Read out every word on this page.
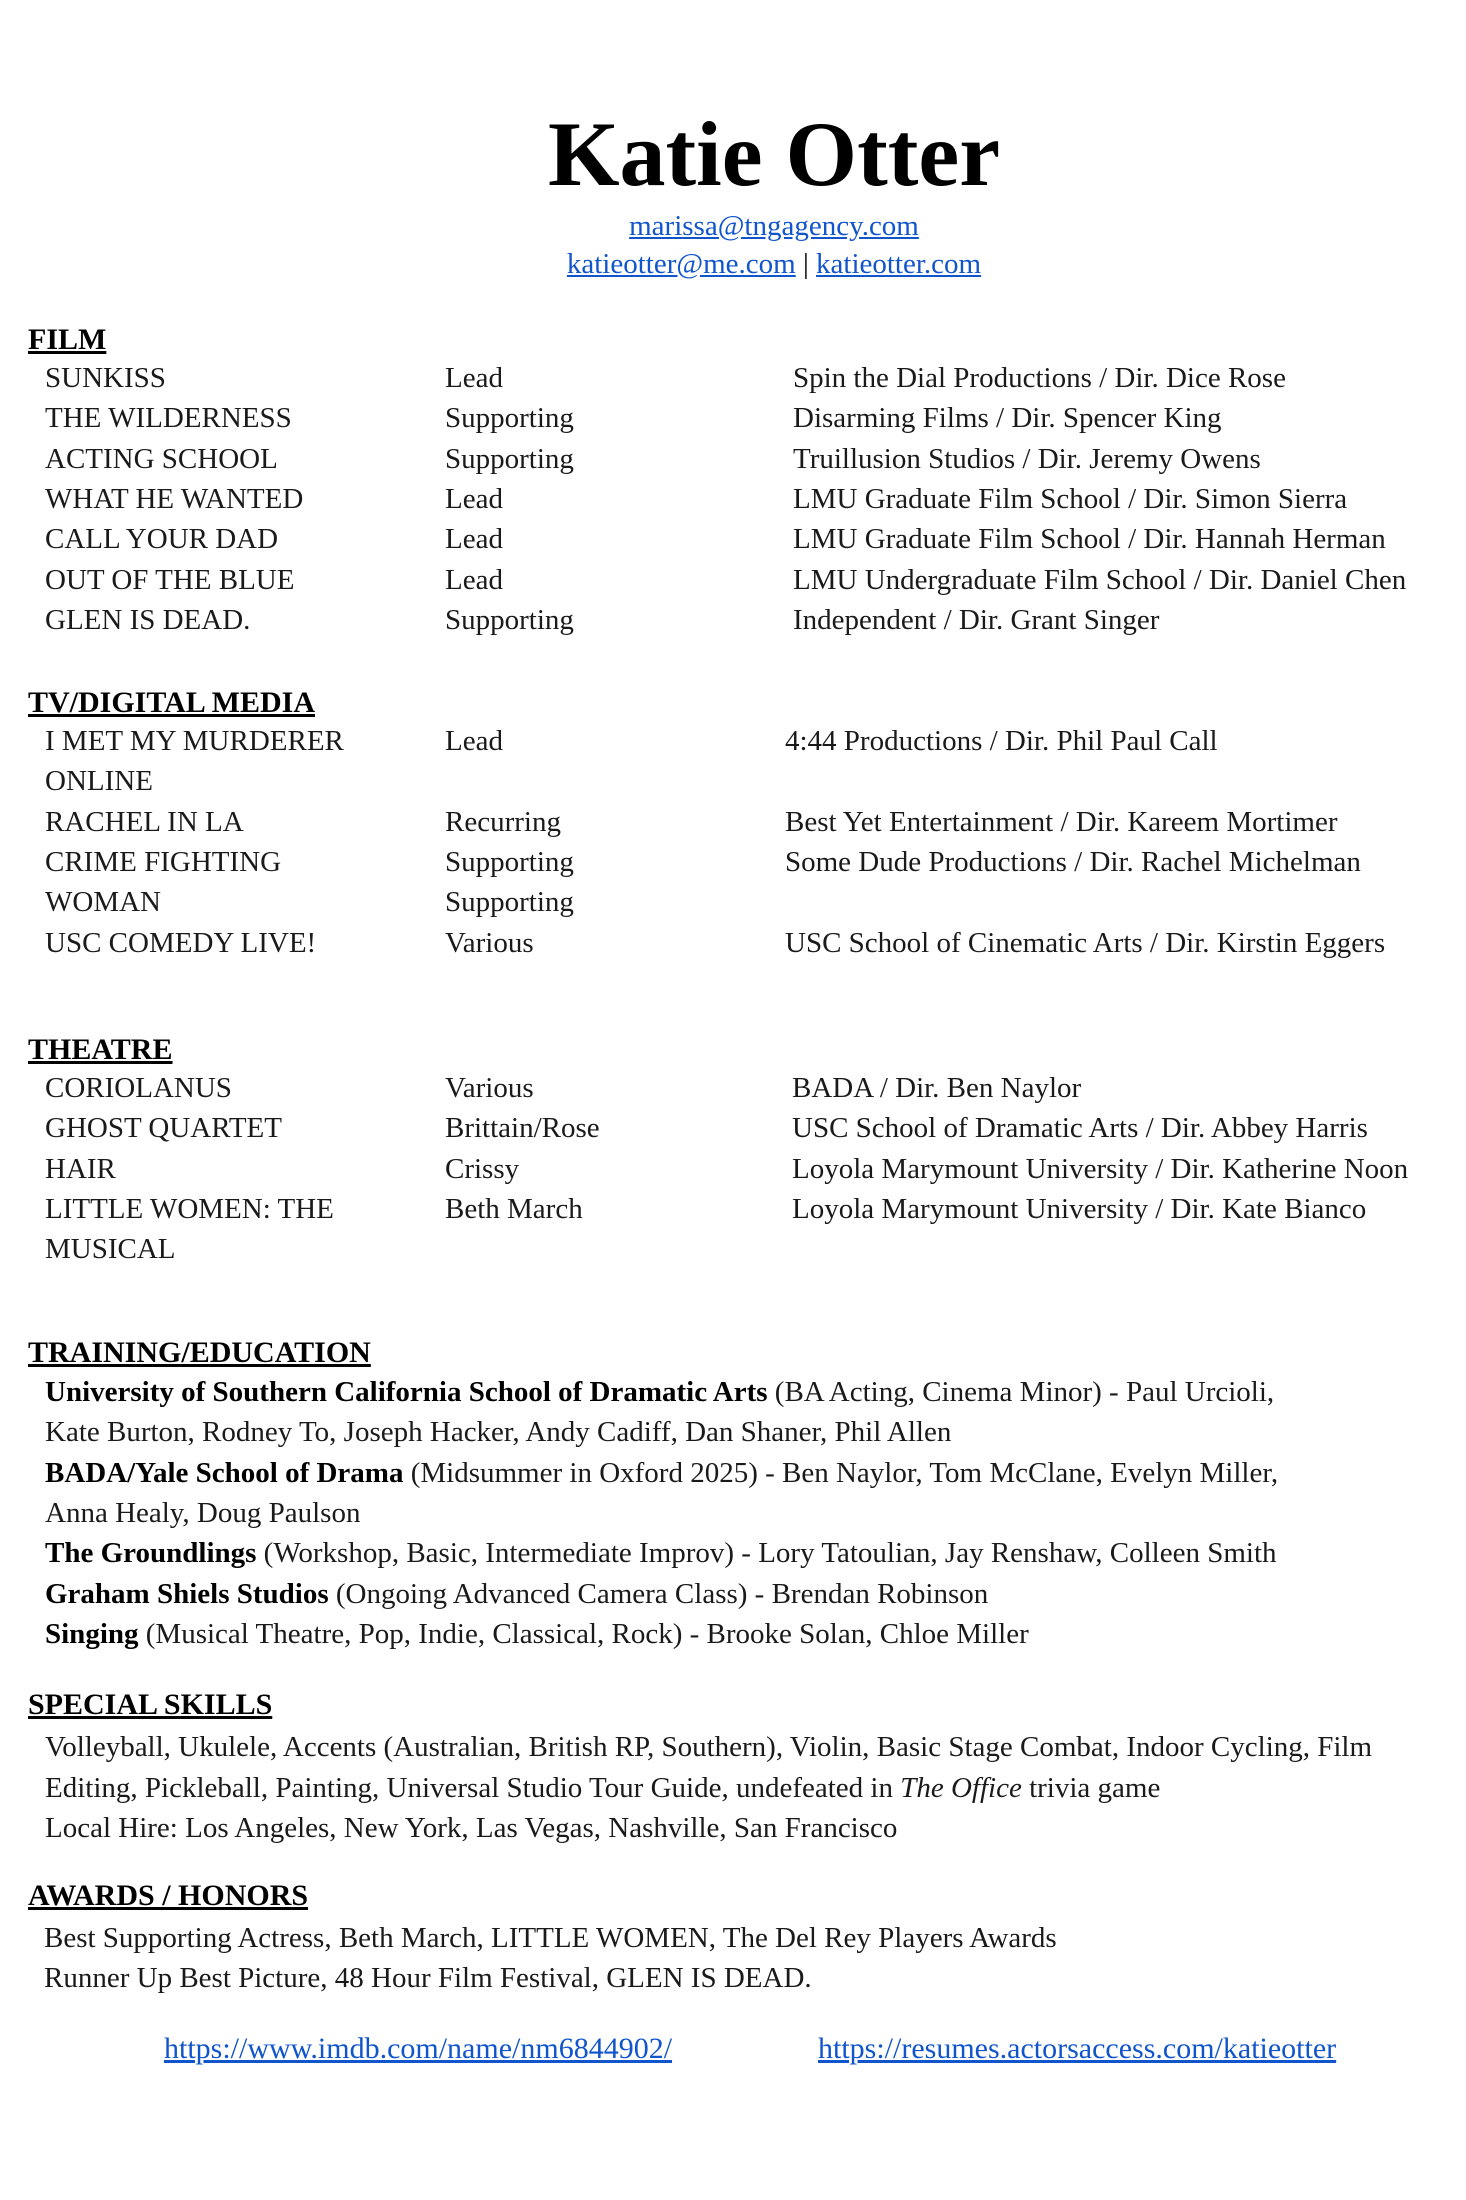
Katie Otter
marissa@tngagency.com
katieotter@me.com | katieotter.com
FILM
SUNKISS	Lead	Spin the Dial Productions / Dir. Dice Rose
THE WILDERNESS	Supporting	Disarming Films / Dir. Spencer King
ACTING SCHOOL	Supporting	Truillusion Studios / Dir. Jeremy Owens
WHAT HE WANTED	Lead	LMU Graduate Film School / Dir. Simon Sierra
CALL YOUR DAD	Lead	LMU Graduate Film School / Dir. Hannah Herman
OUT OF THE BLUE	Lead	LMU Undergraduate Film School / Dir. Daniel Chen
GLEN IS DEAD.	Supporting	Independent / Dir. Grant Singer
TV/DIGITAL MEDIA
I MET MY MURDERER	Lead	4:44 Productions / Dir. Phil Paul Call
ONLINE
RACHEL IN LA	Recurring	Best Yet Entertainment / Dir. Kareem Mortimer
CRIME FIGHTING	Supporting	Some Dude Productions / Dir. Rachel Michelman
WOMAN	Supporting
USC COMEDY LIVE!	Various	USC School of Cinematic Arts / Dir. Kirstin Eggers
THEATRE
CORIOLANUS	Various	BADA / Dir. Ben Naylor
GHOST QUARTET	Brittain/Rose	USC School of Dramatic Arts / Dir. Abbey Harris
HAIR	Crissy	Loyola Marymount University / Dir. Katherine Noon
LITTLE WOMEN: THE	Beth March	Loyola Marymount University / Dir. Kate Bianco
MUSICAL
TRAINING/EDUCATION
University of Southern California School of Dramatic Arts (BA Acting, Cinema Minor) - Paul Urcioli,
Kate Burton, Rodney To, Joseph Hacker, Andy Cadiff, Dan Shaner, Phil Allen
BADA/Yale School of Drama (Midsummer in Oxford 2025) - Ben Naylor, Tom McClane, Evelyn Miller,
Anna Healy, Doug Paulson
The Groundlings (Workshop, Basic, Intermediate Improv) - Lory Tatoulian, Jay Renshaw, Colleen Smith
Graham Shiels Studios (Ongoing Advanced Camera Class) - Brendan Robinson
Singing (Musical Theatre, Pop, Indie, Classical, Rock) - Brooke Solan, Chloe Miller
SPECIAL SKILLS
Volleyball, Ukulele, Accents (Australian, British RP, Southern), Violin, Basic Stage Combat, Indoor Cycling, Film
Editing, Pickleball, Painting, Universal Studio Tour Guide, undefeated in The Office trivia game
Local Hire: Los Angeles, New York, Las Vegas, Nashville, San Francisco
AWARDS / HONORS
Best Supporting Actress, Beth March, LITTLE WOMEN, The Del Rey Players Awards
Runner Up Best Picture, 48 Hour Film Festival, GLEN IS DEAD.
https://www.imdb.com/name/nm6844902/	https://resumes.actorsaccess.com/katieotter
